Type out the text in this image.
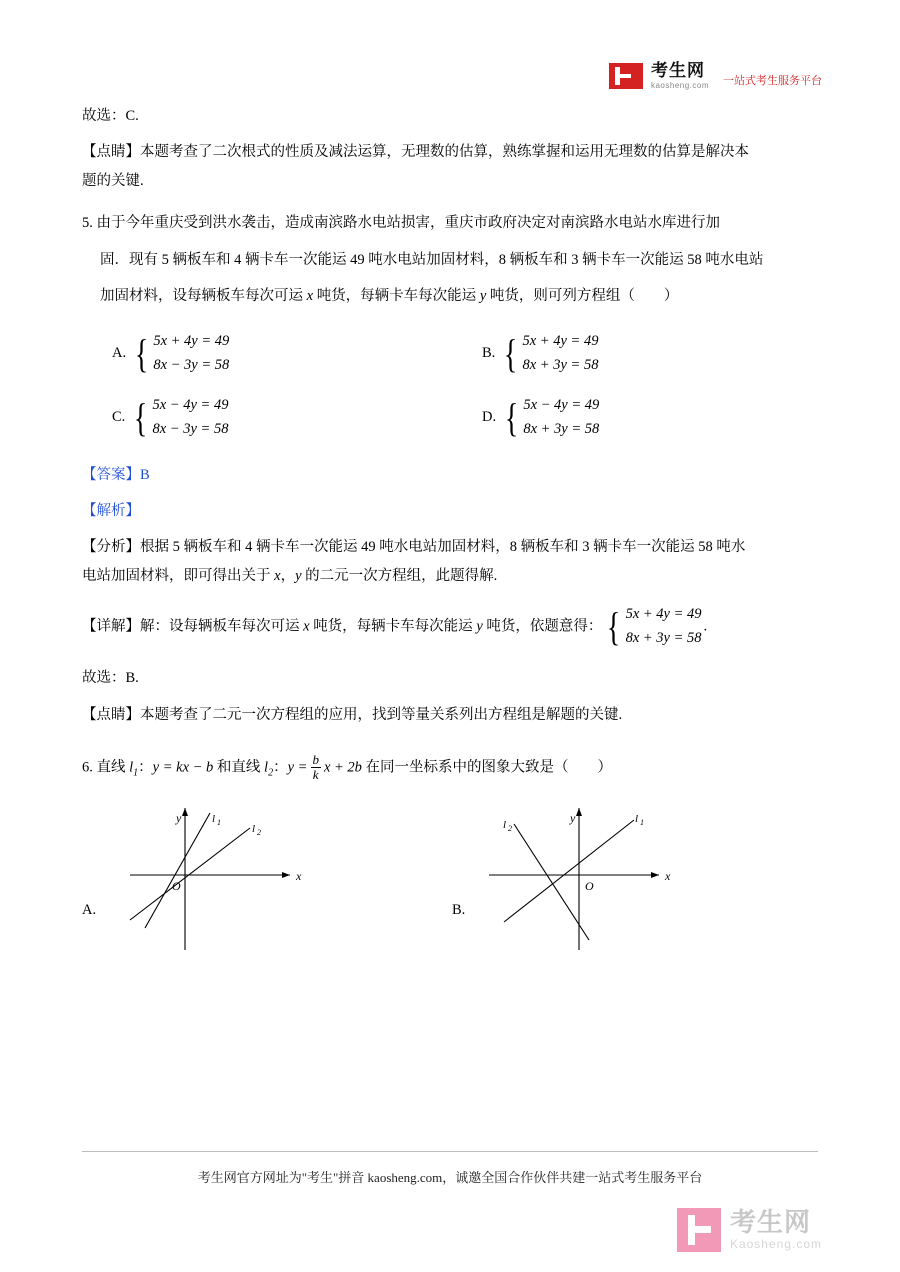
考生网
kaosheng.com 一站式考生服务平台

故选：C.

【点睛】本题考查了二次根式的性质及减法运算，无理数的估算，熟练掌握和运用无理数的估算是解决本

题的关键.

5. 由于今年重庆受到洪水袭击，造成南滨路水电站损害，重庆市政府决定对南滨路水电站水库进行加

固．现有 5 辆板车和 4 辆卡车一次能运 49 吨水电站加固材料，8 辆板车和 3 辆卡车一次能运 58 吨水电站

加固材料，设每辆板车每次可运 x 吨货，每辆卡车每次能运 y 吨货，则可列方程组（　　）

A. { 5x + 4y = 49
8x − 3y = 58
B. { 5x + 4y = 49
8x + 3y = 58
C. { 5x − 4y = 49
8x − 3y = 58
D. { 5x − 4y = 49
8x + 3y = 58

【答案】B

【解析】

【分析】根据 5 辆板车和 4 辆卡车一次能运 49 吨水电站加固材料，8 辆板车和 3 辆卡车一次能运 58 吨水

电站加固材料，即可得出关于 x，y 的二元一次方程组，此题得解.

【详解】解：设每辆板车每次可运 x 吨货，每辆卡车每次能运 y 吨货，依题意得： { 5x + 4y = 49
8x + 3y = 58
.

故选：B.

【点睛】本题考查了二元一次方程组的应用，找到等量关系列出方程组是解题的关键.

6. 直线 $l_1$：y = kx − b 和直线 $l_2$：$y = \frac{b}{k}$ x + 2b 在同一坐标系中的图象大致是（　　）

A.
y
x
O
l 1
l 2
B.
y
x
O
l 1
l 2
考生网官方网址为"考生"拼音 kaosheng.com，诚邀全国合作伙伴共建一站式考生服务平台
考生网
Kaosheng.com
